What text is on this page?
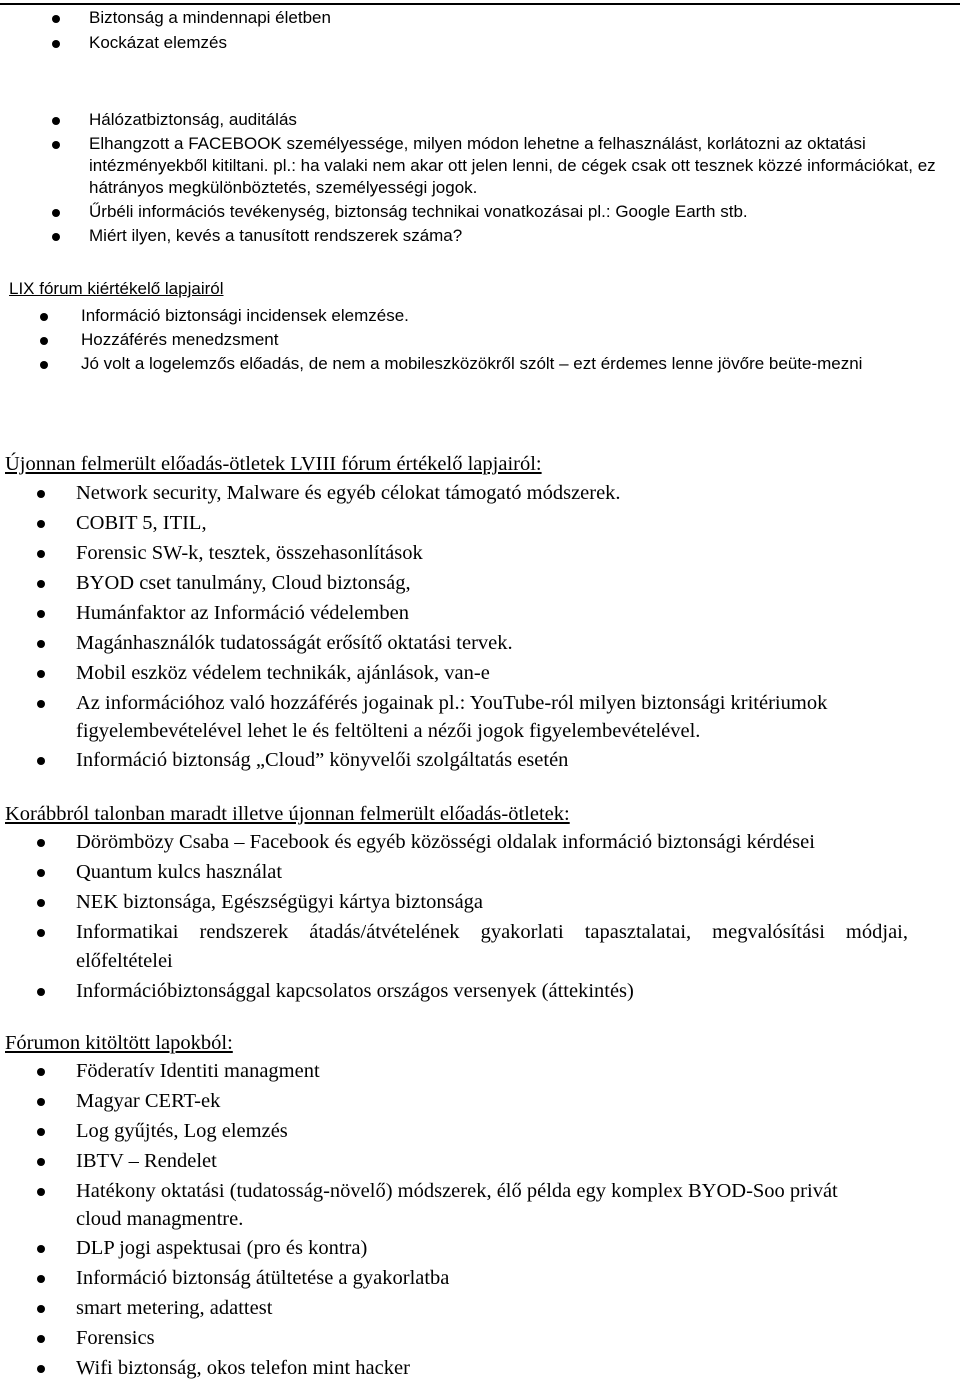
Biztonság a mindennapi életben
Kockázat elemzés
Hálózatbiztonság, auditálás
Elhangzott a FACEBOOK személyessége, milyen módon lehetne a felhasználást, korlátozni az oktatási intézményekből kitiltani. pl.: ha valaki nem akar ott jelen lenni, de cégek csak ott tesznek közzé információkat, ez hátrányos megkülönböztetés, személyességi jogok.
Űrbéli információs tevékenység, biztonság technikai vonatkozásai pl.: Google Earth stb.
Miért ilyen, kevés a tanusított rendszerek száma?
LIX fórum kiértékelő lapjairól
Információ biztonsági incidensek elemzése.
Hozzáférés menedzsment
Jó volt a logelemzős előadás, de nem a mobileszközökről szólt – ezt érdemes lenne jövőre beüte-mezni
Újonnan felmerült előadás-ötletek LVIII fórum értékelő lapjairól:
Network security, Malware és egyéb célokat támogató módszerek.
COBIT 5, ITIL,
Forensic SW-k, tesztek, összehasonlítások
BYOD cset tanulmány, Cloud biztonság,
Humánfaktor az Információ védelemben
Magánhasználók tudatosságát erősítő oktatási tervek.
Mobil eszköz védelem technikák, ajánlások, van-e
Az információhoz való hozzáférés jogainak pl.: YouTube-ról milyen biztonsági kritériumok figyelembevételével lehet le és feltölteni a nézői jogok figyelembevételével.
Információ biztonság „Cloud” könyvelői szolgáltatás esetén
Korábbról talonban maradt illetve újonnan felmerült előadás-ötletek:
Dörömbözy Csaba – Facebook és egyéb közösségi oldalak információ biztonsági kérdései
Quantum kulcs használat
NEK biztonsága, Egészségügyi kártya biztonsága
Informatikai rendszerek átadás/átvételének gyakorlati tapasztalatai, megvalósítási módjai, előfeltételei
Információbiztonsággal kapcsolatos országos versenyek (áttekintés)
Fórumon kitöltött lapokból:
Föderatív Identiti managment
Magyar CERT-ek
Log gyűjtés, Log elemzés
IBTV – Rendelet
Hatékony oktatási (tudatosság-növelő) módszerek, élő példa egy komplex BYOD-Soo privát cloud managmentre.
DLP jogi aspektusai (pro és kontra)
Információ biztonság átültetése a gyakorlatba
smart metering, adattest
Forensics
Wifi biztonság, okos telefon mint hacker
